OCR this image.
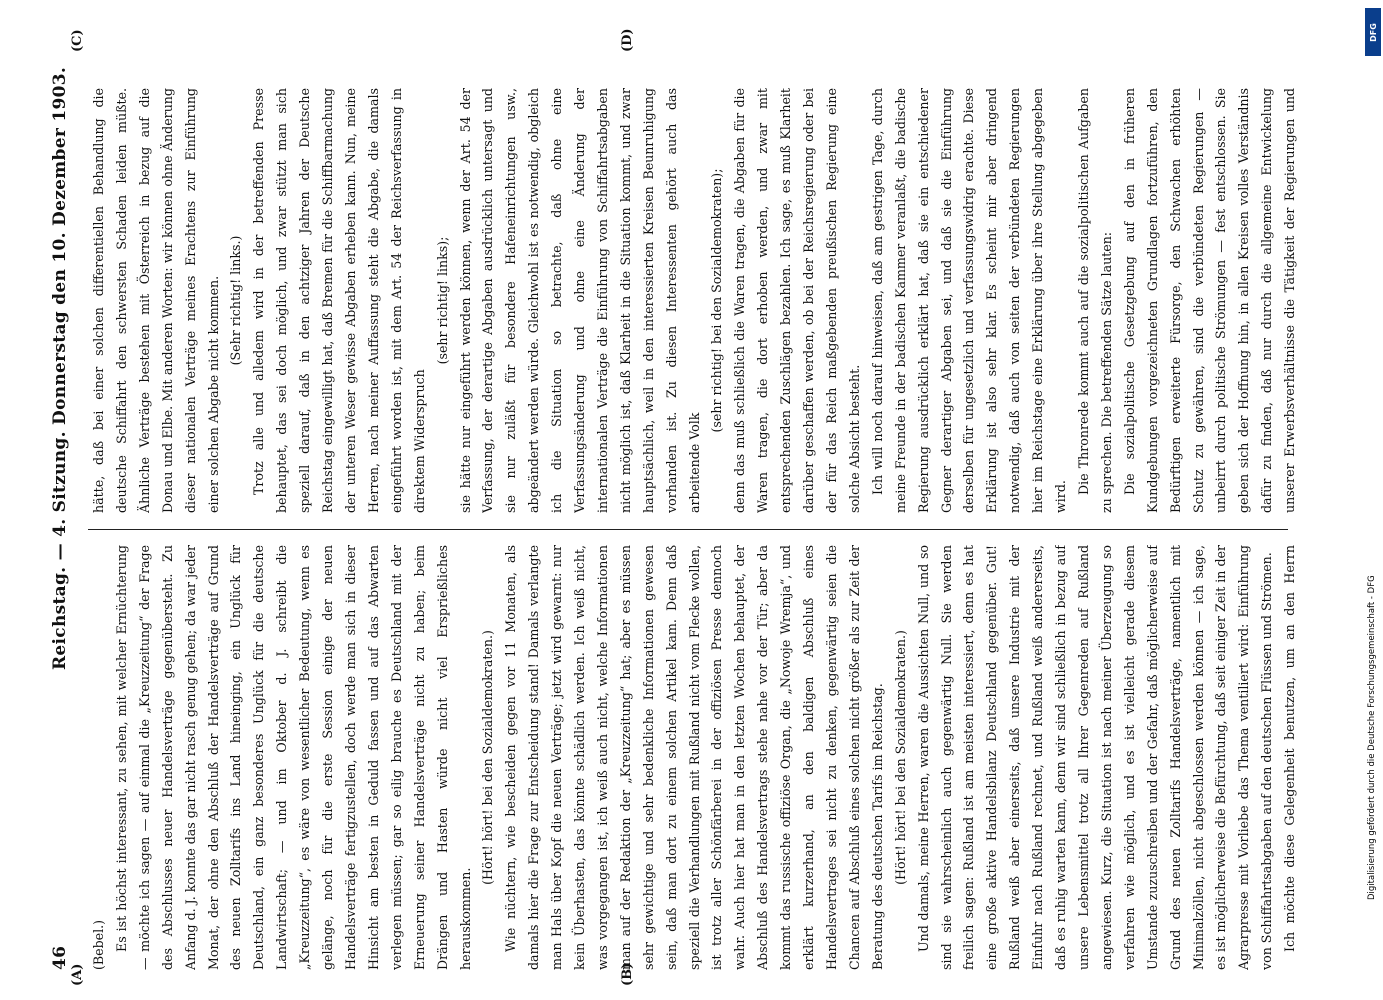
46
Reichstag. — 4. Sitzung. Donnerstag den 10. Dezember 1903.
(A)	(B)
(C)	(D)

(Bebel.) Es ist höchst interessant, zu sehen, mit welcher Ernüchterung — möchte ich sagen — auf einmal die „Kreuzzeitung“ der Frage des Abschlusses neuer Handelsverträge gegenübersteht. Zu Anfang d. J. konnte das gar nicht rasch genug gehen; da war jeder Monat, der ohne den Abschluß der Handelsverträge auf Grund des neuen Zolltarifs ins Land hineinging, ein Unglück für Deutschland, ein ganz besonderes Unglück für die deutsche Landwirtschaft; — und im Oktober d. J. schreibt die „Kreuzzeitung“, es wäre von wesentlicher Bedeutung, wenn es gelänge, noch für die erste Session einige der neuen Handelsverträge fertigzustellen, doch werde man sich in dieser Hinsicht am besten in Geduld fassen und auf das Abwarten verlegen müssen; gar so eilig brauche es Deutschland mit der Erneuerung seiner Handelsverträge nicht zu haben; beim Drängen und Hasten würde nicht viel Ersprießliches herauskommen.

(Hört! hört! bei den Sozialdemokraten.) Wie nüchtern, wie bescheiden gegen vor 11 Monaten, als damals hier die Frage zur Entscheidung stand! Damals verlangte man Hals über Kopf die neuen Verträge; jetzt wird gewarnt: nur kein Überhasten, das könnte schädlich werden. Ich weiß nicht, was vorgegangen ist, ich weiß auch nicht, welche Informationen man auf der Redaktion der „Kreuzzeitung“ hat; aber es müssen sehr gewichtige und sehr bedenkliche Informationen gewesen sein, daß man dort zu einem solchen Artikel kam. Denn daß speziell die Verhandlungen mit Rußland nicht vom Flecke wollen, ist trotz aller Schönfärberei in der offiziösen Presse dennoch wahr. Auch hier hat man in den letzten Wochen behauptet, der Abschluß des Handelsvertrags stehe nahe vor der Tür; aber da kommt das russische offiziöse Organ, die „Nowoje Wremja“, und erklärt kurzerhand, an den baldigen Abschluß eines Handelsvertrages sei nicht zu denken, gegenwärtig seien die Chancen auf Abschluß eines solchen nicht größer als zur Zeit der Beratung des deutschen Tarifs im Reichstag. (Hört! hört! bei den Sozialdemokraten.) Und damals, meine Herren, waren die Aussichten Null, und so sind sie wahrscheinlich auch gegenwärtig Null. Sie werden freilich sagen: Rußland ist am meisten interessiert, denn es hat eine große aktive Handelsbilanz Deutschland gegenüber. Gut! Rußland weiß aber einerseits, daß unsere Industrie mit der Einfuhr nach Rußland rechnet, und Rußland weiß andererseits, daß es ruhig warten kann, denn wir sind schließlich in bezug auf unsere Lebensmittel trotz all Ihrer Gegenreden auf Rußland angewiesen. Kurz, die Situation ist nach meiner Überzeugung so verfahren wie möglich, und es ist vielleicht gerade diesem Umstande zuzuschreiben und der Gefahr, daß möglicherweise auf Grund des neuen Zolltarifs Handelsverträge, namentlich mit Minimalzöllen, nicht abgeschlossen werden können — ich sage, es ist möglicherweise die Befürchtung, daß seit einiger Zeit in der Agrarpresse mit Vorliebe das Thema ventiliert wird: Einführung von Schiffahrtsabgaben auf den deutschen Flüssen und Strömen. Ich möchte diese Gelegenheit benutzen, um an den Herrn

hätte, daß bei einer solchen differentiellen Behandlung die deutsche Schiffahrt den schwersten Schaden leiden müßte. Ähnliche Verträge bestehen mit Österreich in bezug auf die Donau und Elbe. Mit anderen Worten: wir können ohne Änderung dieser nationalen Verträge meines Erachtens zur Einführung einer solchen Abgabe nicht kommen. (Sehr richtig! links.) Trotz alle und alledem wird in der betreffenden Presse behauptet, das sei doch möglich, und zwar stützt man sich speziell darauf, daß in den achtziger Jahren der Deutsche Reichstag eingewilligt hat, daß Bremen für die Schiffbarmachung der unteren Weser gewisse Abgaben erheben kann. Nun, meine Herren, nach meiner Auffassung steht die Abgabe, die damals eingeführt worden ist, mit dem Art. 54 der Reichsverfassung in direktem Widerspruch

(sehr richtig! links); sie hätte nur eingeführt werden können, wenn der Art. 54 der Verfassung, der derartige Abgaben ausdrücklich untersagt und sie nur zuläßt für besondere Hafeneinrichtungen usw., abgeändert werden würde. Gleichwohl ist es notwendig, obgleich ich die Situation so betrachte, daß ohne eine Verfassungsänderung und ohne eine Änderung der internationalen Verträge die Einführung von Schiffahrtsabgaben nicht möglich ist, daß Klarheit in die Situation kommt, und zwar hauptsächlich, weil in den interessierten Kreisen Beunruhigung vorhanden ist. Zu diesen Interessenten gehört auch das arbeitende Volk

(sehr richtig! bei den Sozialdemokraten); denn das muß schließlich die Waren tragen, die Abgaben für die Waren tragen, die dort erhoben werden, und zwar mit entsprechenden Zuschlägen bezahlen. Ich sage, es muß Klarheit darüber geschaffen werden, ob bei der Reichsregierung oder bei der für das Reich maßgebenden preußischen Regierung eine solche Absicht besteht. Ich will noch darauf hinweisen, daß am gestrigen Tage, durch meine Freunde in der badischen Kammer veranlaßt, die badische Regierung ausdrücklich erklärt hat, daß sie ein entschiedener Gegner derartiger Abgaben sei, und daß sie die Einführung derselben für ungesetzlich und verfassungswidrig erachte. Diese Erklärung ist also sehr klar. Es scheint mir aber dringend notwendig, daß auch von seiten der verbündeten Regierungen hier im Reichstage eine Erklärung über ihre Stellung abgegeben wird.

Die Thronrede kommt auch auf die sozialpolitischen Aufgaben zu sprechen. Die betreffenden Sätze lauten: Die sozialpolitische Gesetzgebung auf den in früheren Kundgebungen vorgezeichneten Grundlagen fortzuführen, den Bedürftigen erweiterte Fürsorge, den Schwachen erhöhten Schutz zu gewähren, sind die verbündeten Regierungen — unbeirrt durch politische Strömungen — fest entschlossen. Sie geben sich der Hoffnung hin, in allen Kreisen volles Verständnis dafür zu finden, daß nur durch die allgemeine Entwickelung unserer Erwerbsverhältnisse die Tätigkeit der Regierungen und

Digitalisierung gefördert durch die Deutsche Forschungsgemeinschaft - DFG
DFG
